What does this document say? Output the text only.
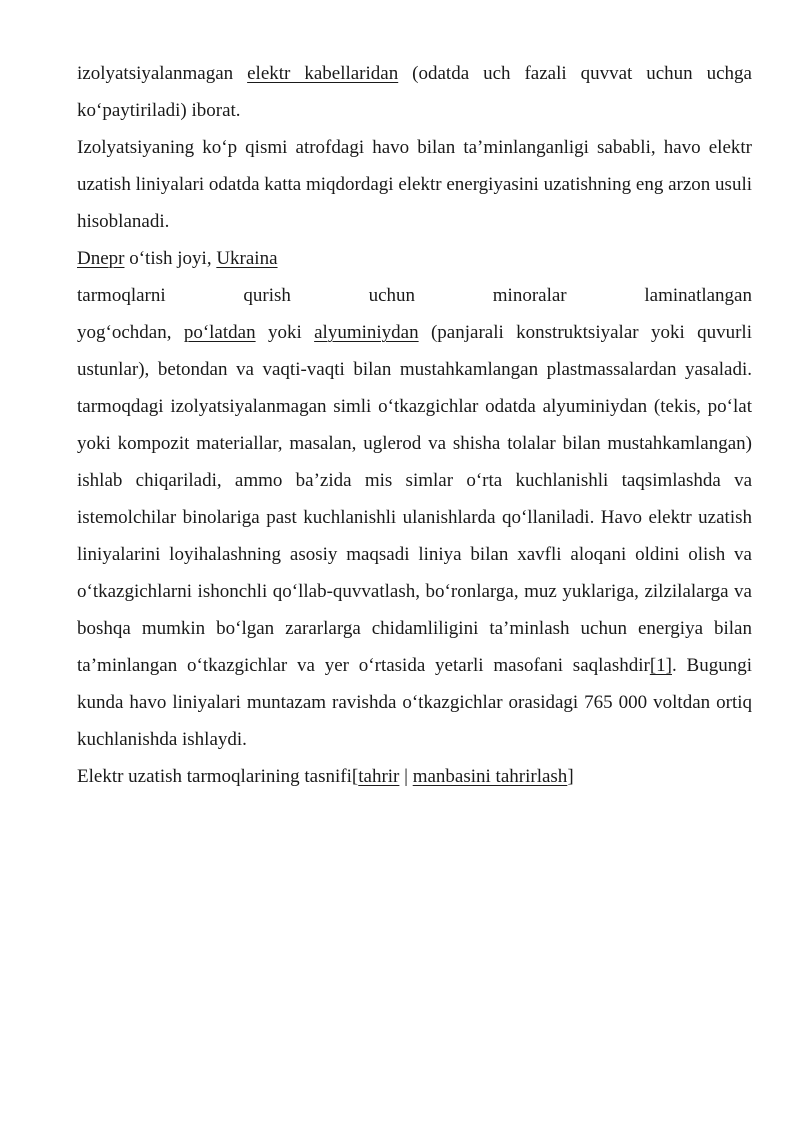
izolyatsiyalanmagan elektr kabellaridan (odatda uch fazali quvvat uchun uchga ko‘paytiriladi) iborat.

Izolyatsiyaning ko‘p qismi atrofdagi havo bilan ta’minlanganligi sababli, havo elektr uzatish liniyalari odatda katta miqdordagi elektr energiyasini uzatishning eng arzon usuli hisoblanadi.

Dnepr o‘tish joyi, Ukraina

tarmoqlarni qurish uchun minoralar laminatlangan

yog‘ochdan, po‘latdan yoki alyuminiydan (panjarali konstruktsiyalar yoki quvurli ustunlar), betondan va vaqti-vaqti bilan mustahkamlangan plastmassalardan yasaladi. tarmoqdagi izolyatsiyalanmagan simli o‘tkazgichlar odatda alyuminiydan (tekis, po‘lat yoki kompozit materiallar, masalan, uglerod va shisha tolalar bilan mustahkamlangan) ishlab chiqariladi, ammo ba’zida mis simlar o‘rta kuchlanishli taqsimlashda va istemolchilar binolariga past kuchlanishli ulanishlarda qo‘llaniladi. Havo elektr uzatish liniyalarini loyihalashning asosiy maqsadi liniya bilan xavfli aloqani oldini olish va o‘tkazgichlarni ishonchli qo‘llab-quvvatlash, bo‘ronlarga, muz yuklariga, zilzilalarga va boshqa mumkin bo‘lgan zararlarga chidamliligini ta’minlash uchun energiya bilan ta’minlangan o‘tkazgichlar va yer o‘rtasida yetarli masofani saqlashdir[1]. Bugungi kunda havo liniyalari muntazam ravishda o‘tkazgichlar orasidagi 765 000 voltdan ortiq kuchlanishda ishlaydi.

Elektr uzatish tarmoqlarining tasnifi[tahrir | manbasini tahrirlash]
